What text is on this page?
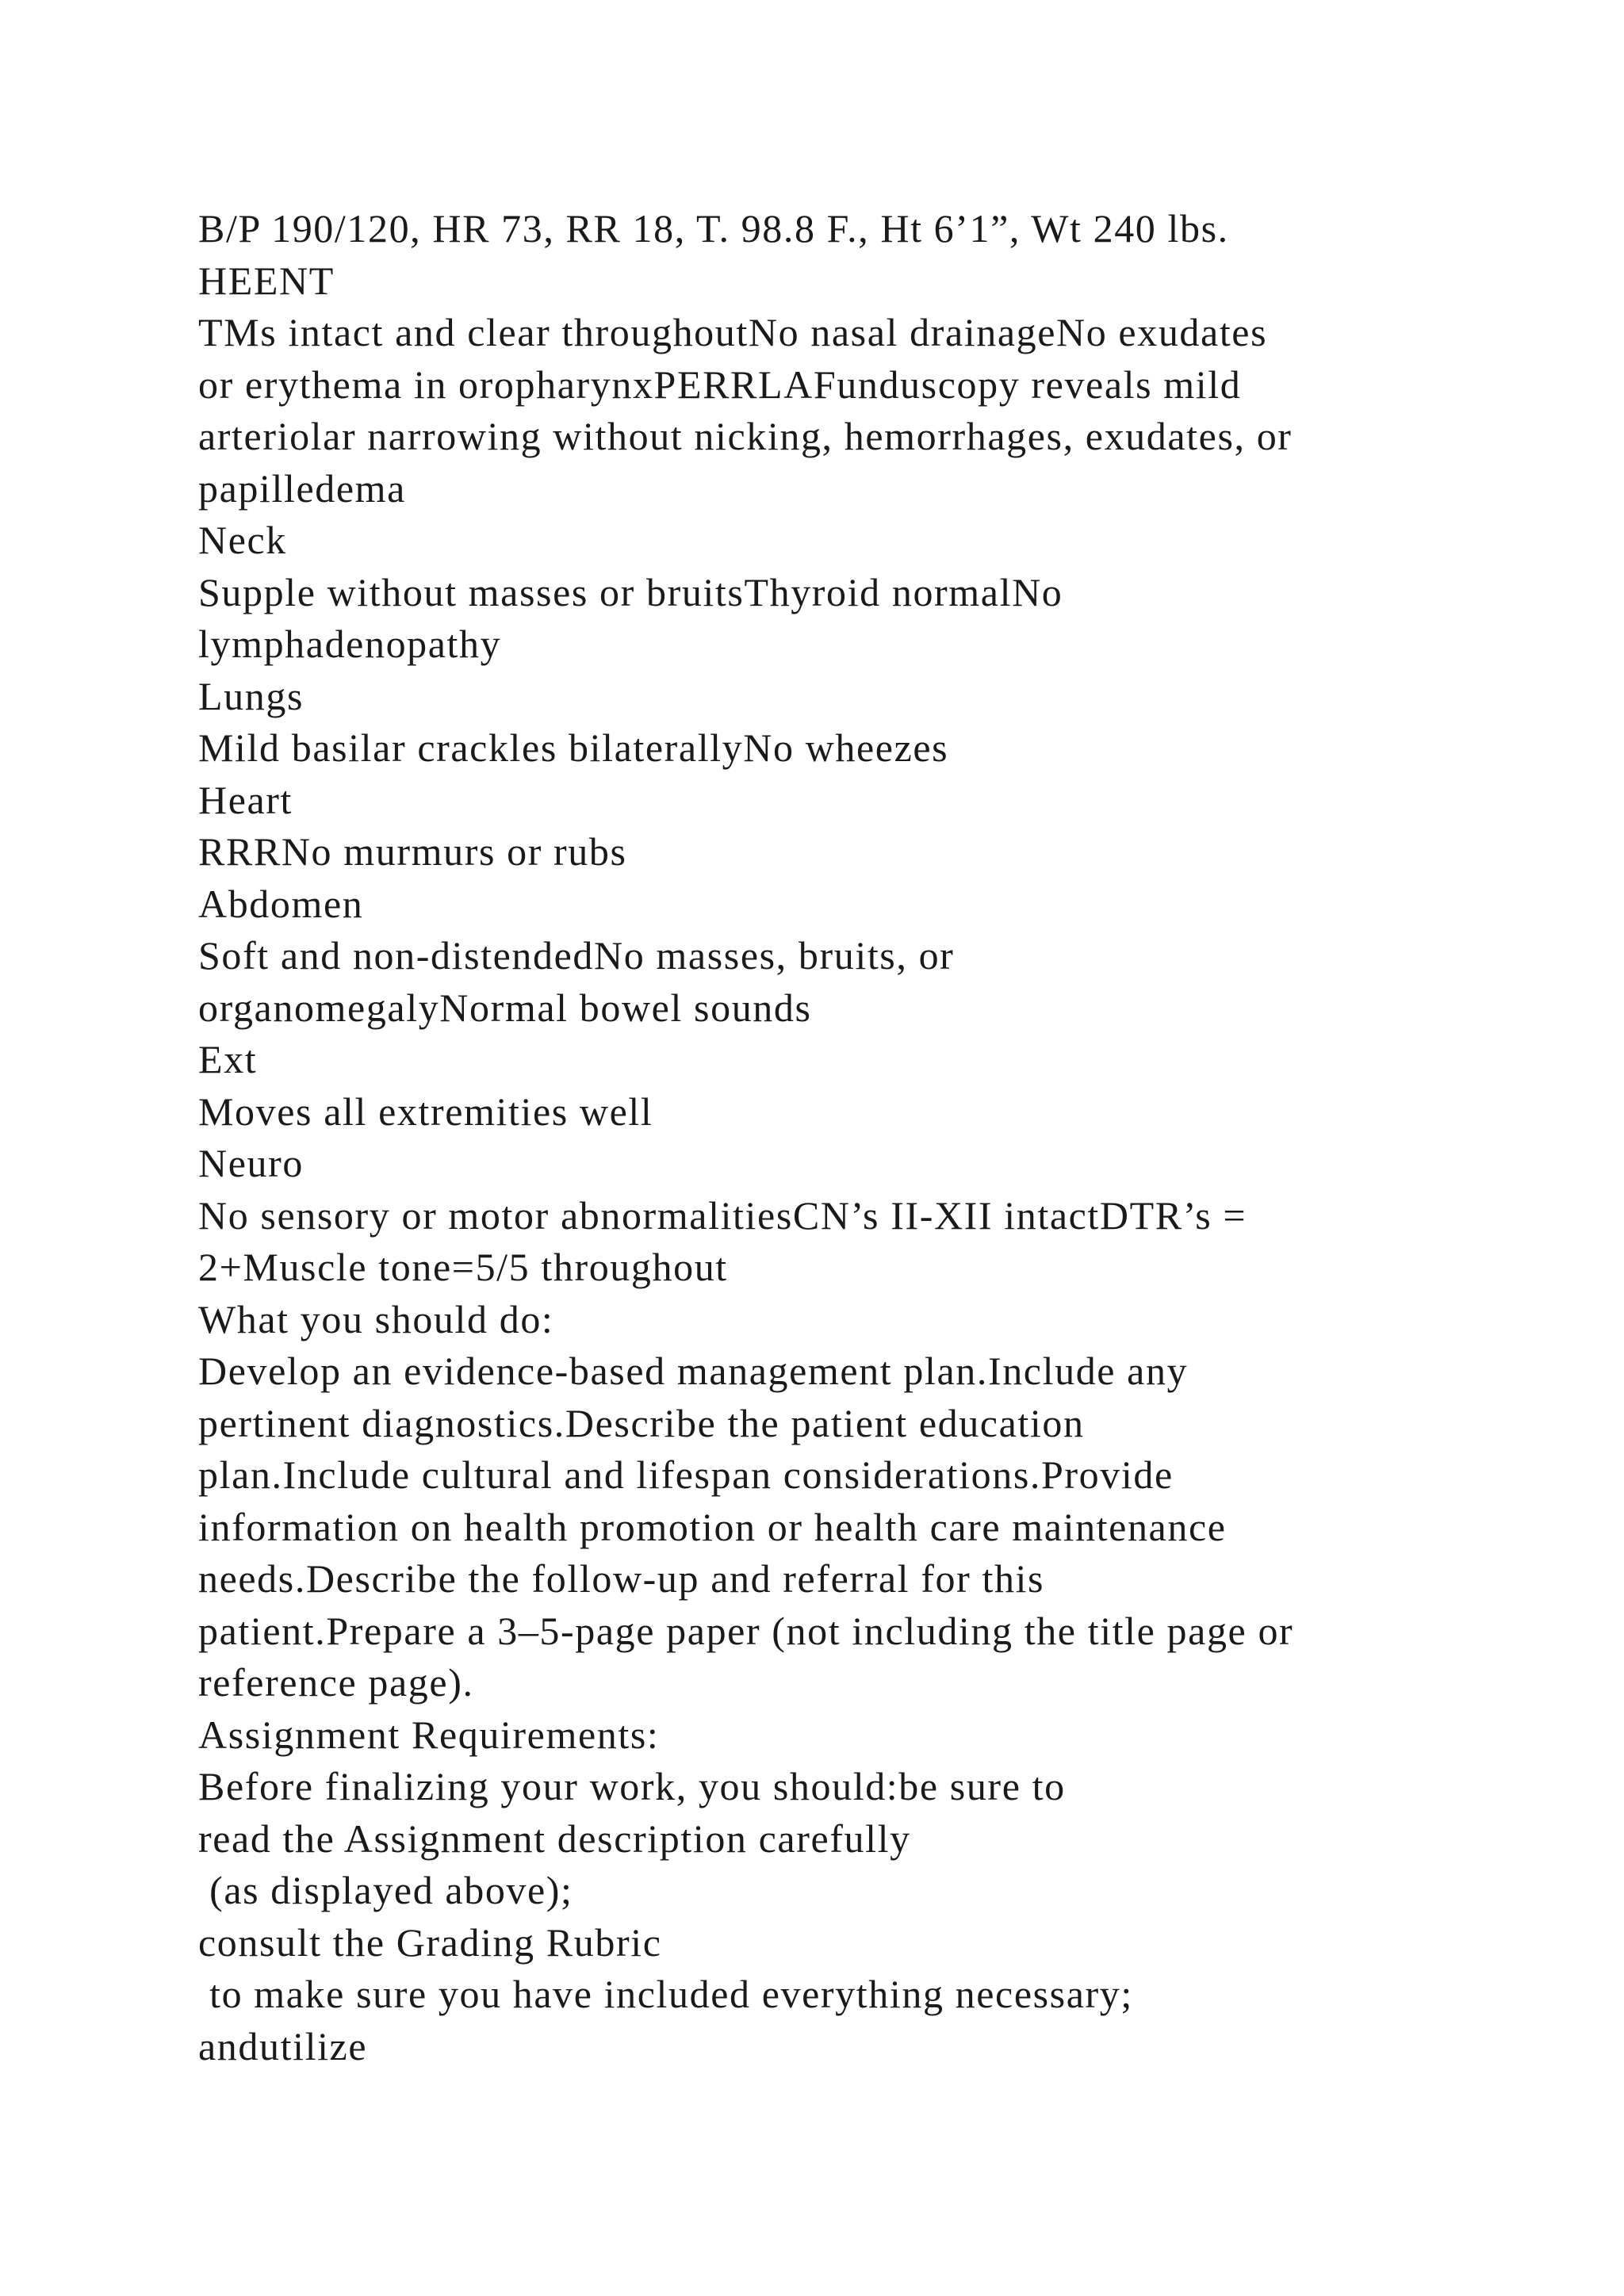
B/P 190/120, HR 73, RR 18, T. 98.8 F., Ht 6’1”, Wt 240 lbs.
HEENT
TMs intact and clear throughoutNo nasal drainageNo exudates
or erythema in oropharynxPERRLAFunduscopy reveals mild
arteriolar narrowing without nicking, hemorrhages, exudates, or
papilledema
Neck
Supple without masses or bruitsThyroid normalNo
lymphadenopathy
Lungs
Mild basilar crackles bilaterallyNo wheezes
Heart
RRRNo murmurs or rubs
Abdomen
Soft and non-distendedNo masses, bruits, or
organomegalyNormal bowel sounds
Ext
Moves all extremities well
Neuro
No sensory or motor abnormalitiesCN’s II-XII intactDTR’s =
2+Muscle tone=5/5 throughout
What you should do:
Develop an evidence-based management plan.Include any
pertinent diagnostics.Describe the patient education
plan.Include cultural and lifespan considerations.Provide
information on health promotion or health care maintenance
needs.Describe the follow-up and referral for this
patient.Prepare a 3–5-page paper (not including the title page or
reference page).
Assignment Requirements:
Before finalizing your work, you should:be sure to
read the Assignment description carefully
(as displayed above);
consult the Grading Rubric
to make sure you have included everything necessary;
andutilize
